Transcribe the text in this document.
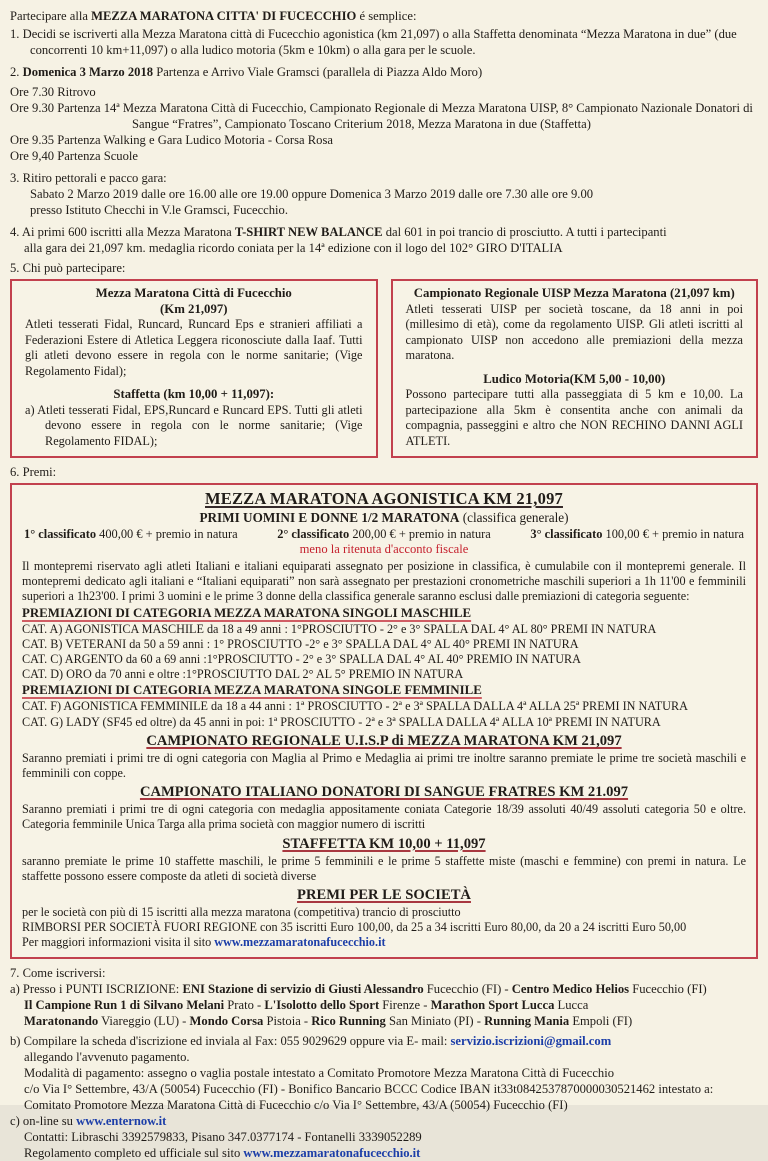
Partecipare alla MEZZA MARATONA CITTA' DI FUCECCHIO é semplice:

1. Decidi se iscriverti alla Mezza Maratona città di Fucecchio agonistica (km 21,097) o alla Staffetta denominata “Mezza Maratona in due” (due concorrenti 10 km+11,097) o alla ludico motoria (5km e 10km) o alla gara per le scuole.

2. Domenica 3 Marzo 2018 Partenza e Arrivo Viale Gramsci (parallela di Piazza Aldo Moro)

Ore 7.30 Ritrovo

Ore 9.30 Partenza 14ª Mezza Maratona Città di Fucecchio, Campionato Regionale di Mezza Maratona UISP, 8° Campionato Nazionale Donatori di Sangue “Fratres”, Campionato Toscano Criterium 2018, Mezza Maratona in due (Staffetta)

Ore 9.35 Partenza Walking e Gara Ludico Motoria - Corsa Rosa

Ore 9,40 Partenza Scuole

3. Ritiro pettorali e pacco gara:

Sabato 2 Marzo 2019 dalle ore 16.00 alle ore 19.00 oppure Domenica 3 Marzo 2019 dalle ore 7.30 alle ore 9.00

presso Istituto Checchi in V.le Gramsci, Fucecchio.

4. Ai primi 600 iscritti alla Mezza Maratona T-SHIRT NEW BALANCE dal 601 in poi trancio di prosciutto. A tutti i partecipanti

alla gara dei 21,097 km. medaglia ricordo coniata per la 14ª edizione con il logo del 102° GIRO D'ITALIA

5. Chi può partecipare:

Mezza Maratona Città di Fucecchio

(Km 21,097)

Atleti tesserati Fidal, Runcard, Runcard Eps e stranieri affiliati a Federazioni Estere di Atletica Leggera riconosciute dalla Iaaf. Tutti gli atleti devono essere in regola con le norme sanitarie; (Vige Regolamento Fidal);

Staffetta (km 10,00 + 11,097):

a) Atleti tesserati Fidal, EPS,Runcard e Runcard EPS. Tutti gli atleti devono essere in regola con le norme sanitarie; (Vige Regolamento FIDAL);

Campionato Regionale UISP Mezza Maratona (21,097 km)

Atleti tesserati UISP per società toscane, da 18 anni in poi (millesimo di età), come da regolamento UISP. Gli atleti iscritti al campionato UISP non accedono alle premiazioni della mezza maratona.

Ludico Motoria(KM 5,00 - 10,00)

Possono partecipare tutti alla passeggiata di 5 km e 10,00. La partecipazione alla 5km è consentita anche con animali da compagnia, passeggini e altro che NON RECHINO DANNI AGLI ATLETI.

6. Premi:

MEZZA MARATONA AGONISTICA KM 21,097

PRIMI UOMINI E DONNE 1/2 MARATONA (classifica generale)

1° classificato 400,00 € + premio in natura	2° classificato 200,00 € + premio in natura	3° classificato 100,00 € + premio in natura

meno la ritenuta d'acconto fiscale

Il montepremi riservato agli atleti Italiani e italiani equiparati assegnato per posizione in classifica, è cumulabile con il montepremi generale. Il montepremi dedicato agli italiani e “Italiani equiparati” non sarà assegnato per prestazioni cronometriche maschili superiori a 1h 11'00 e femminili superiori a 1h23'00. I primi 3 uomini e le prime 3 donne della classifica generale saranno esclusi dalle premiazioni di categoria seguente:

PREMIAZIONI DI CATEGORIA MEZZA MARATONA SINGOLI MASCHILE

CAT. A) AGONISTICA MASCHILE da 18 a 49 anni : 1°PROSCIUTTO - 2° e 3° SPALLA DAL 4° AL 80° PREMI IN NATURA

CAT. B) VETERANI da 50 a 59 anni : 1° PROSCIUTTO -2° e 3° SPALLA DAL 4° AL 40° PREMI IN NATURA

CAT. C) ARGENTO da 60 a 69 anni :1°PROSCIUTTO - 2° e 3° SPALLA DAL 4° AL 40° PREMIO IN NATURA

CAT. D) ORO da 70 anni e oltre :1°PROSCIUTTO DAL 2° AL 5° PREMIO IN NATURA

PREMIAZIONI DI CATEGORIA MEZZA MARATONA SINGOLE FEMMINILE

CAT. F) AGONISTICA FEMMINILE da 18 a 44 anni : 1ª PROSCIUTTO - 2ª e 3ª SPALLA DALLA 4ª ALLA 25ª PREMI IN NATURA

CAT. G) LADY (SF45 ed oltre) da 45 anni in poi: 1ª PROSCIUTTO - 2ª e 3ª SPALLA DALLA 4ª ALLA 10ª PREMI IN NATURA

CAMPIONATO REGIONALE U.I.S.P di MEZZA MARATONA KM 21,097

Saranno premiati i primi tre di ogni categoria con Maglia al Primo e Medaglia ai primi tre inoltre saranno premiate le prime tre società maschili e femminili con coppe.

CAMPIONATO ITALIANO DONATORI DI SANGUE FRATRES KM 21.097

Saranno premiati i primi tre di ogni categoria con medaglia appositamente coniata Categorie 18/39 assoluti 40/49 assoluti categoria 50 e oltre. Categoria femminile Unica Targa alla prima società con maggior numero di iscritti

STAFFETTA KM 10,00 + 11,097

saranno premiate le prime 10 staffette maschili, le prime 5 femminili e le prime 5 staffette miste (maschi e femmine) con premi in natura. Le staffette possono essere composte da atleti di società diverse

PREMI PER LE SOCIETÀ

per le società con più di 15 iscritti alla mezza maratona (competitiva) trancio di prosciutto

RIMBORSI PER SOCIETÀ FUORI REGIONE con 35 iscritti Euro 100,00, da 25 a 34 iscritti Euro 80,00, da 20 a 24 iscritti Euro 50,00

Per maggiori informazioni visita il sito www.mezzamaratonafucecchio.it

7. Come iscriversi:

a) Presso i PUNTI ISCRIZIONE: ENI Stazione di servizio di Giusti Alessandro Fucecchio (FI) - Centro Medico Helios Fucecchio (FI)

Il Campione Run 1 di Silvano Melani Prato - L'Isolotto dello Sport Firenze - Marathon Sport Lucca Lucca

Maratonando Viareggio (LU) - Mondo Corsa Pistoia - Rico Running San Miniato (PI) - Running Mania Empoli (FI)

b) Compilare la scheda d'iscrizione ed inviala al Fax: 055 9029629 oppure via E- mail: servizio.iscrizioni@gmail.com

allegando l'avvenuto pagamento.

Modalità di pagamento: assegno o vaglia postale intestato a Comitato Promotore Mezza Maratona Città di Fucecchio

c/o Via I° Settembre, 43/A (50054) Fucecchio (FI) - Bonifico Bancario BCCC Codice IBAN it33t0842537870000030521462 intestato a:

Comitato Promotore Mezza Maratona Città di Fucecchio c/o Via I° Settembre, 43/A (50054) Fucecchio (FI)

c) on-line su www.enternow.it

Contatti: Libraschi 3392579833, Pisano 347.0377174 - Fontanelli 3339052289

Regolamento completo ed ufficiale sul sito www.mezzamaratonafucecchio.it
